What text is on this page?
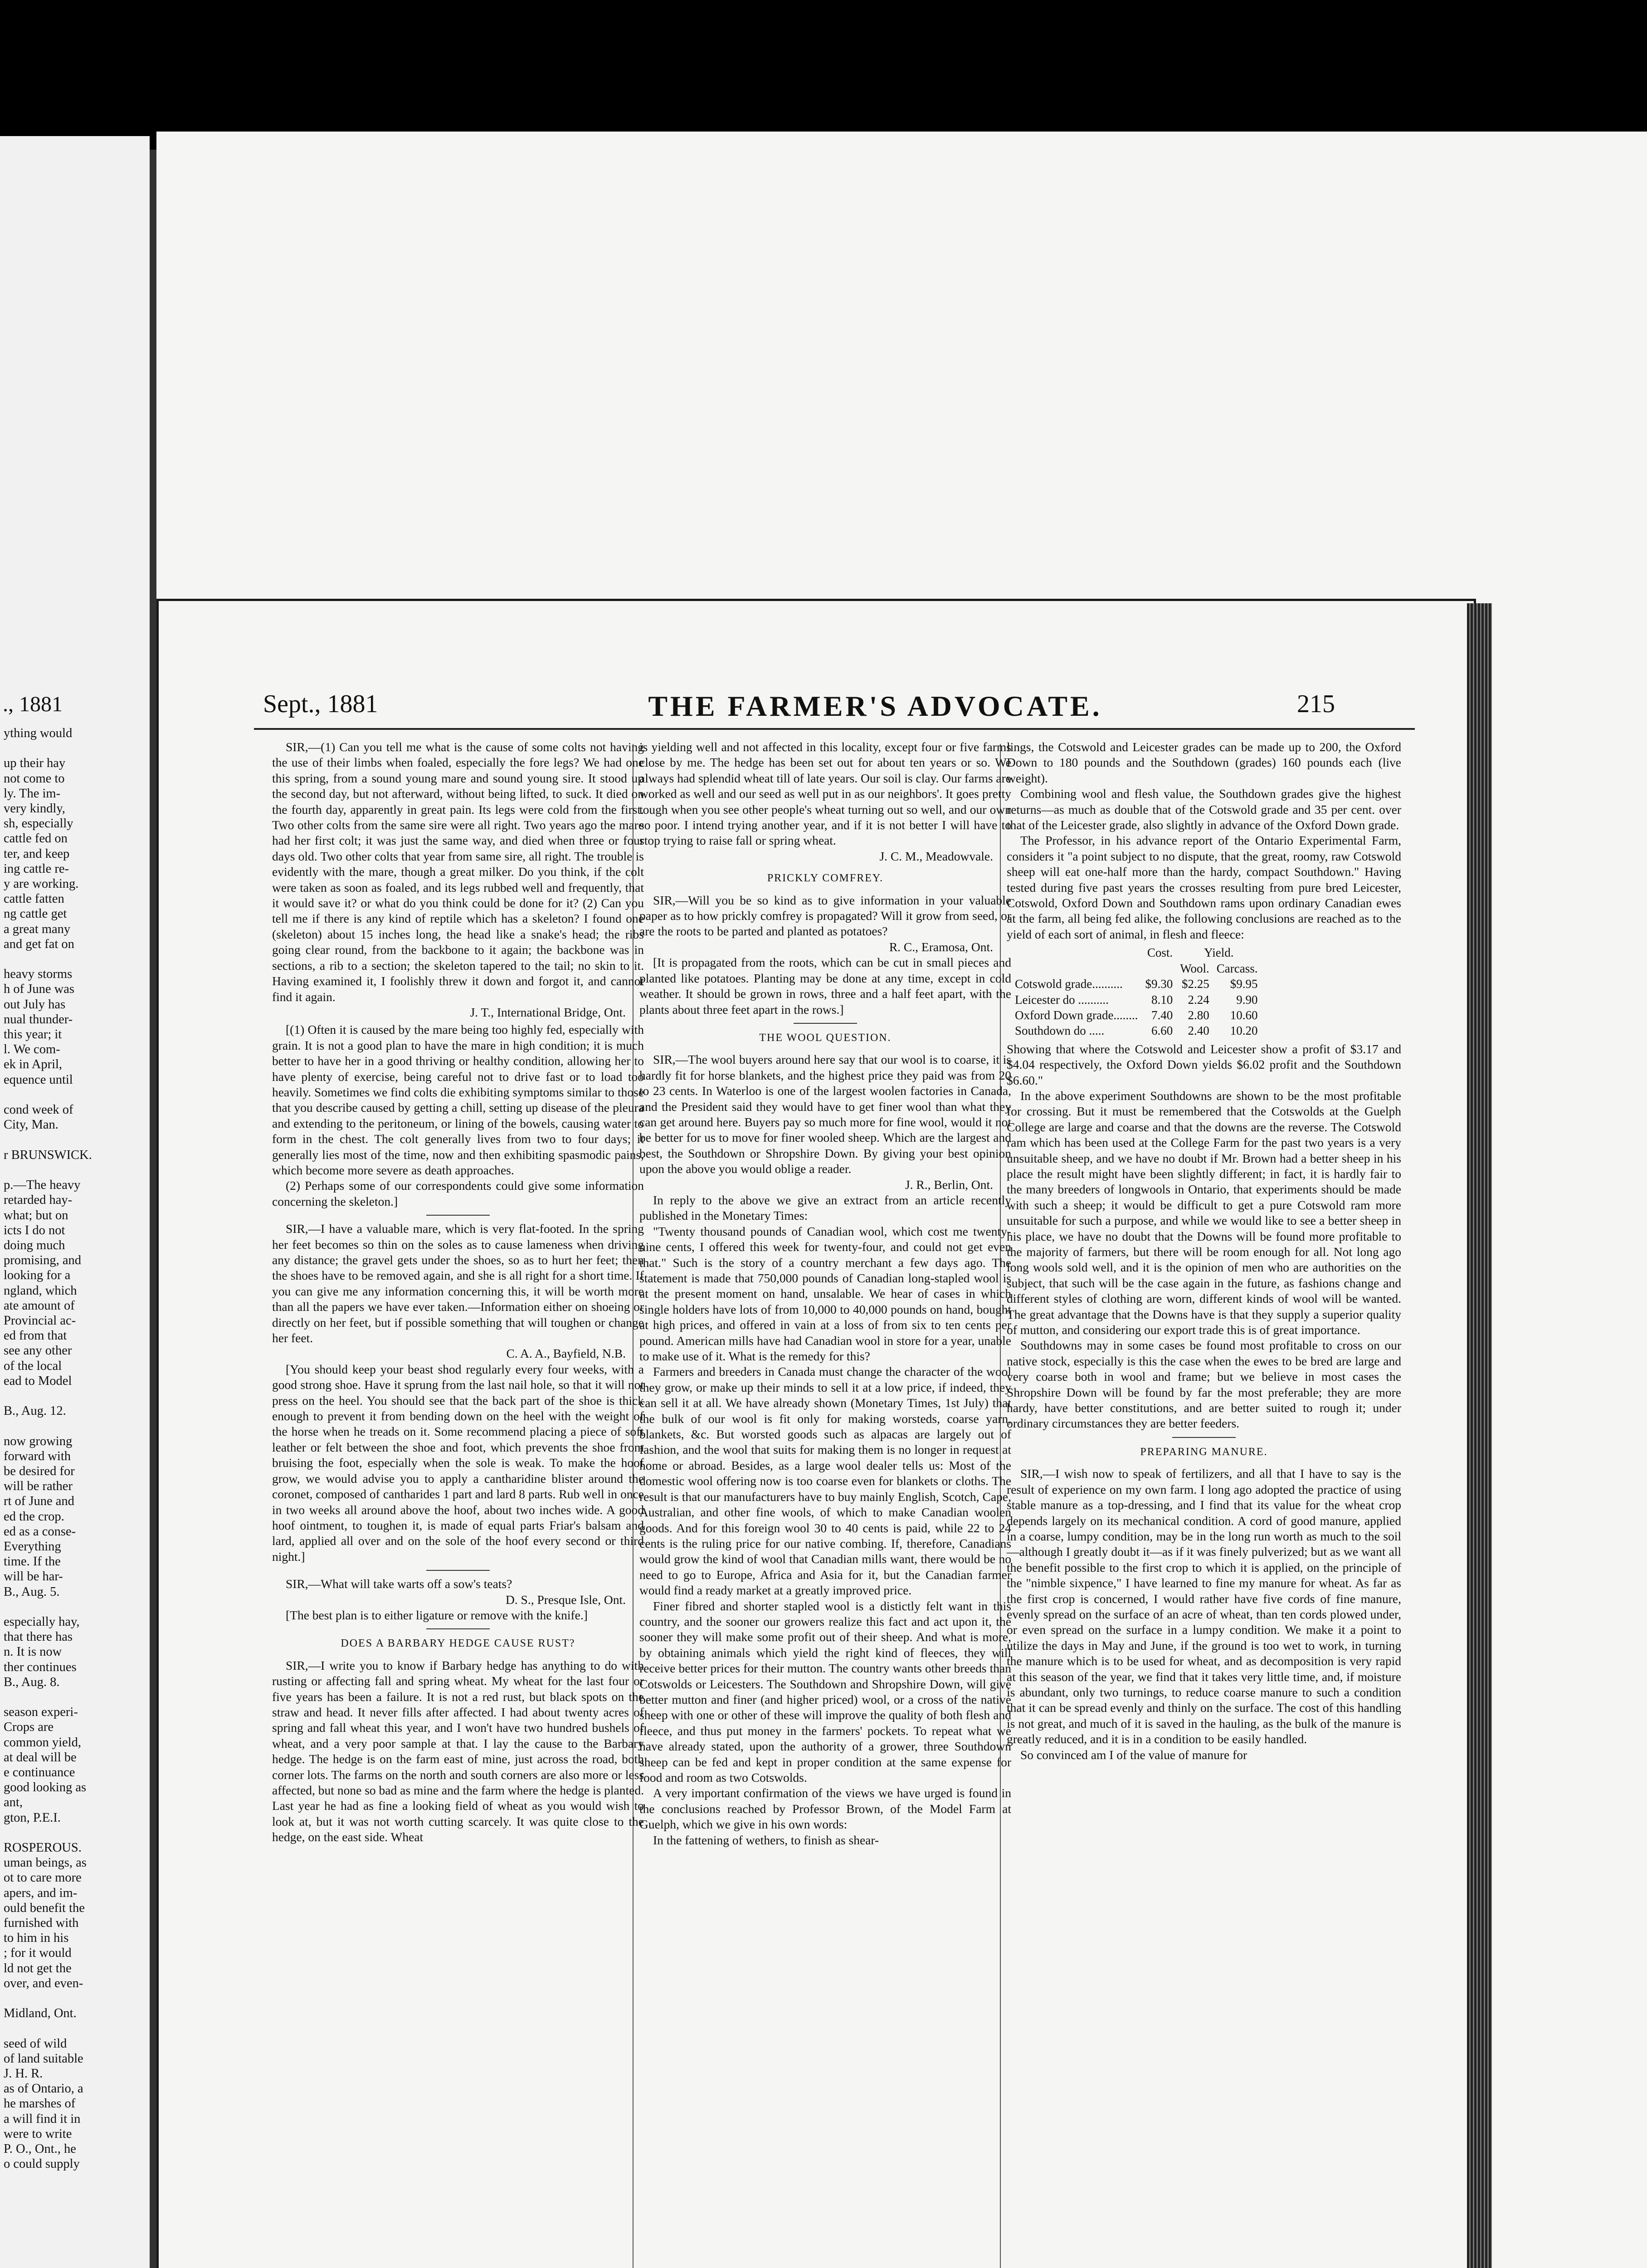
., 1881
ything would

up their hay
not come to
ly. The im-
very kindly,
sh, especially
cattle fed on
ter, and keep
ing cattle re-
y are working.
cattle fatten
ng cattle get
a great many
and get fat on

heavy storms
h of June was
out July has
nual thunder-
this year; it
l. We com-
ek in April,
equence until

cond week of
City, Man.

r BRUNSWICK.

p.—The heavy
retarded hay-
what; but on
icts I do not
doing much
promising, and
looking for a
ngland, which
ate amount of
Provincial ac-
ed from that
see any other
of the local
ead to Model

B., Aug. 12.

now growing
forward with
be desired for
will be rather
rt of June and
ed the crop.
ed as a conse-
Everything
time. If the
will be har-
B., Aug. 5.

especially hay,
that there has
n. It is now
ther continues
B., Aug. 8.

season experi-
Crops are
common yield,
at deal will be
e continuance
good looking as
ant,
gton, P.E.I.

ROSPEROUS.
uman beings, as
ot to care more
apers, and im-
ould benefit the
furnished with
to him in his
; for it would
ld not get the
over, and even-

Midland, Ont.

seed of wild
of land suitable
J. H. R.
as of Ontario, a
he marshes of
a will find it in
were to write
P. O., Ont., he
o could supply
Sept., 1881	THE FARMER'S ADVOCATE.	215

SIR,—(1) Can you tell me what is the cause of some colts not having the use of their limbs when foaled, especially the fore legs? We had one this spring, from a sound young mare and sound young sire. It stood up the second day, but not afterward, without being lifted, to suck. It died on the fourth day, apparently in great pain. Its legs were cold from the first. Two other colts from the same sire were all right. Two years ago the mare had her first colt; it was just the same way, and died when three or four days old. Two other colts that year from same sire, all right. The trouble is evidently with the mare, though a great milker. Do you think, if the colt were taken as soon as foaled, and its legs rubbed well and frequently, that it would save it? or what do you think could be done for it? (2) Can you tell me if there is any kind of reptile which has a skeleton? I found one (skeleton) about 15 inches long, the head like a snake's head; the ribs going clear round, from the backbone to it again; the backbone was in sections, a rib to a section; the skeleton tapered to the tail; no skin to it. Having examined it, I foolishly threw it down and forgot it, and cannot find it again.

J. T., International Bridge, Ont.

[(1) Often it is caused by the mare being too highly fed, especially with grain. It is not a good plan to have the mare in high condition; it is much better to have her in a good thriving or healthy condition, allowing her to have plenty of exercise, being careful not to drive fast or to load too heavily. Sometimes we find colts die exhibiting symptoms similar to those that you describe caused by getting a chill, setting up disease of the pleura and extending to the peritoneum, or lining of the bowels, causing water to form in the chest. The colt generally lives from two to four days; it generally lies most of the time, now and then exhibiting spasmodic pains, which become more severe as death approaches.

(2) Perhaps some of our correspondents could give some information concerning the skeleton.]

SIR,—I have a valuable mare, which is very flat-footed. In the spring her feet becomes so thin on the soles as to cause lameness when driving any distance; the gravel gets under the shoes, so as to hurt her feet; then the shoes have to be removed again, and she is all right for a short time. If you can give me any information concerning this, it will be worth more than all the papers we have ever taken.—Information either on shoeing or directly on her feet, but if possible something that will toughen or change her feet.

C. A. A., Bayfield, N.B.

[You should keep your beast shod regularly every four weeks, with a good strong shoe. Have it sprung from the last nail hole, so that it will not press on the heel. You should see that the back part of the shoe is thick enough to prevent it from bending down on the heel with the weight of the horse when he treads on it. Some recommend placing a piece of soft leather or felt between the shoe and foot, which prevents the shoe from bruising the foot, especially when the sole is weak. To make the hoof grow, we would advise you to apply a cantharidine blister around the coronet, composed of cantharides 1 part and lard 8 parts. Rub well in once in two weeks all around above the hoof, about two inches wide. A good hoof ointment, to toughen it, is made of equal parts Friar's balsam and lard, applied all over and on the sole of the hoof every second or third night.]

SIR,—What will take warts off a sow's teats?

D. S., Presque Isle, Ont.

[The best plan is to either ligature or remove with the knife.]

DOES A BARBARY HEDGE CAUSE RUST?

SIR,—I write you to know if Barbary hedge has anything to do with rusting or affecting fall and spring wheat. My wheat for the last four or five years has been a failure. It is not a red rust, but black spots on the straw and head. It never fills after affected. I had about twenty acres of spring and fall wheat this year, and I won't have two hundred bushels of wheat, and a very poor sample at that. I lay the cause to the Barbary hedge. The hedge is on the farm east of mine, just across the road, both corner lots. The farms on the north and south corners are also more or less affected, but none so bad as mine and the farm where the hedge is planted. Last year he had as fine a looking field of wheat as you would wish to look at, but it was not worth cutting scarcely. It was quite close to the hedge, on the east side. Wheat

is yielding well and not affected in this locality, except four or five farms close by me. The hedge has been set out for about ten years or so. We always had splendid wheat till of late years. Our soil is clay. Our farms are worked as well and our seed as well put in as our neighbors'. It goes pretty tough when you see other people's wheat turning out so well, and our own so poor. I intend trying another year, and if it is not better I will have to stop trying to raise fall or spring wheat.

J. C. M., Meadowvale.

PRICKLY COMFREY.

SIR,—Will you be so kind as to give information in your valuable paper as to how prickly comfrey is propagated? Will it grow from seed, or are the roots to be parted and planted as potatoes?

R. C., Eramosa, Ont.

[It is propagated from the roots, which can be cut in small pieces and planted like potatoes. Planting may be done at any time, except in cold weather. It should be grown in rows, three and a half feet apart, with the plants about three feet apart in the rows.]

THE WOOL QUESTION.

SIR,—The wool buyers around here say that our wool is to coarse, it is hardly fit for horse blankets, and the highest price they paid was from 20 to 23 cents. In Waterloo is one of the largest woolen factories in Canada, and the President said they would have to get finer wool than what they can get around here. Buyers pay so much more for fine wool, would it not be better for us to move for finer wooled sheep. Which are the largest and best, the Southdown or Shropshire Down. By giving your best opinion upon the above you would oblige a reader.

J. R., Berlin, Ont.

In reply to the above we give an extract from an article recently published in the Monetary Times:

"Twenty thousand pounds of Canadian wool, which cost me twenty-nine cents, I offered this week for twenty-four, and could not get even that." Such is the story of a country merchant a few days ago. The statement is made that 750,000 pounds of Canadian long-stapled wool is at the present moment on hand, unsalable. We hear of cases in which single holders have lots of from 10,000 to 40,000 pounds on hand, bought at high prices, and offered in vain at a loss of from six to ten cents per pound. American mills have had Canadian wool in store for a year, unable to make use of it. What is the remedy for this?

Farmers and breeders in Canada must change the character of the wool they grow, or make up their minds to sell it at a low price, if indeed, they can sell it at all. We have already shown (Monetary Times, 1st July) that the bulk of our wool is fit only for making worsteds, coarse yarn, blankets, &c. But worsted goods such as alpacas are largely out of fashion, and the wool that suits for making them is no longer in request at home or abroad. Besides, as a large wool dealer tells us: Most of the domestic wool offering now is too coarse even for blankets or cloths. The result is that our manufacturers have to buy mainly English, Scotch, Cape, Australian, and other fine wools, of which to make Canadian woolen goods. And for this foreign wool 30 to 40 cents is paid, while 22 to 24 cents is the ruling price for our native combing. If, therefore, Canadians would grow the kind of wool that Canadian mills want, there would be no need to go to Europe, Africa and Asia for it, but the Canadian farmer would find a ready market at a greatly improved price.

Finer fibred and shorter stapled wool is a distictly felt want in this country, and the sooner our growers realize this fact and act upon it, the sooner they will make some profit out of their sheep. And what is more, by obtaining animals which yield the right kind of fleeces, they will receive better prices for their mutton. The country wants other breeds than Cotswolds or Leicesters. The Southdown and Shropshire Down, will give better mutton and finer (and higher priced) wool, or a cross of the native sheep with one or other of these will improve the quality of both flesh and fleece, and thus put money in the farmers' pockets. To repeat what we have already stated, upon the authority of a grower, three Southdown sheep can be fed and kept in proper condition at the same expense for food and room as two Cotswolds.

A very important confirmation of the views we have urged is found in the conclusions reached by Professor Brown, of the Model Farm at Guelph, which we give in his own words:

In the fattening of wethers, to finish as shear-

lings, the Cotswold and Leicester grades can be made up to 200, the Oxford Down to 180 pounds and the Southdown (grades) 160 pounds each (live weight).

Combining wool and flesh value, the Southdown grades give the highest returns—as much as double that of the Cotswold grade and 35 per cent. over that of the Leicester grade, also slightly in advance of the Oxford Down grade.

The Professor, in his advance report of the Ontario Experimental Farm, considers it "a point subject to no dispute, that the great, roomy, raw Cotswold sheep will eat one-half more than the hardy, compact Southdown." Having tested during five past years the crosses resulting from pure bred Leicester, Cotswold, Oxford Down and Southdown rams upon ordinary Canadian ewes at the farm, all being fed alike, the following conclusions are reached as to the yield of each sort of animal, in flesh and fleece:

	Cost.	Yield.	
		Wool.	Carcass.
Cotswold grade..........	$9.30	$2.25	$9.95
Leicester do ..........	8.10	2.24	9.90
Oxford Down grade........	7.40	2.80	10.60
Southdown do .....	6.60	2.40	10.20

Showing that where the Cotswold and Leicester show a profit of $3.17 and $4.04 respectively, the Oxford Down yields $6.02 profit and the Southdown $6.60."

In the above experiment Southdowns are shown to be the most profitable for crossing. But it must be remembered that the Cotswolds at the Guelph College are large and coarse and that the downs are the reverse. The Cotswold ram which has been used at the College Farm for the past two years is a very unsuitable sheep, and we have no doubt if Mr. Brown had a better sheep in his place the result might have been slightly different; in fact, it is hardly fair to the many breeders of longwools in Ontario, that experiments should be made with such a sheep; it would be difficult to get a pure Cotswold ram more unsuitable for such a purpose, and while we would like to see a better sheep in his place, we have no doubt that the Downs will be found more profitable to the majority of farmers, but there will be room enough for all. Not long ago long wools sold well, and it is the opinion of men who are authorities on the subject, that such will be the case again in the future, as fashions change and different styles of clothing are worn, different kinds of wool will be wanted. The great advantage that the Downs have is that they supply a superior quality of mutton, and considering our export trade this is of great importance.

Southdowns may in some cases be found most profitable to cross on our native stock, especially is this the case when the ewes to be bred are large and very coarse both in wool and frame; but we believe in most cases the Shropshire Down will be found by far the most preferable; they are more hardy, have better constitutions, and are better suited to rough it; under ordinary circumstances they are better feeders.

PREPARING MANURE.

SIR,—I wish now to speak of fertilizers, and all that I have to say is the result of experience on my own farm. I long ago adopted the practice of using stable manure as a top-dressing, and I find that its value for the wheat crop depends largely on its mechanical condition. A cord of good manure, applied in a coarse, lumpy condition, may be in the long run worth as much to the soil—although I greatly doubt it—as if it was finely pulverized; but as we want all the benefit possible to the first crop to which it is applied, on the principle of the "nimble sixpence," I have learned to fine my manure for wheat. As far as the first crop is concerned, I would rather have five cords of fine manure, evenly spread on the surface of an acre of wheat, than ten cords plowed under, or even spread on the surface in a lumpy condition. We make it a point to utilize the days in May and June, if the ground is too wet to work, in turning the manure which is to be used for wheat, and as decomposition is very rapid at this season of the year, we find that it takes very little time, and, if moisture is abundant, only two turnings, to reduce coarse manure to such a condition that it can be spread evenly and thinly on the surface. The cost of this handling is not great, and much of it is saved in the hauling, as the bulk of the manure is greatly reduced, and it is in a condition to be easily handled.

So convinced am I of the value of manure for
